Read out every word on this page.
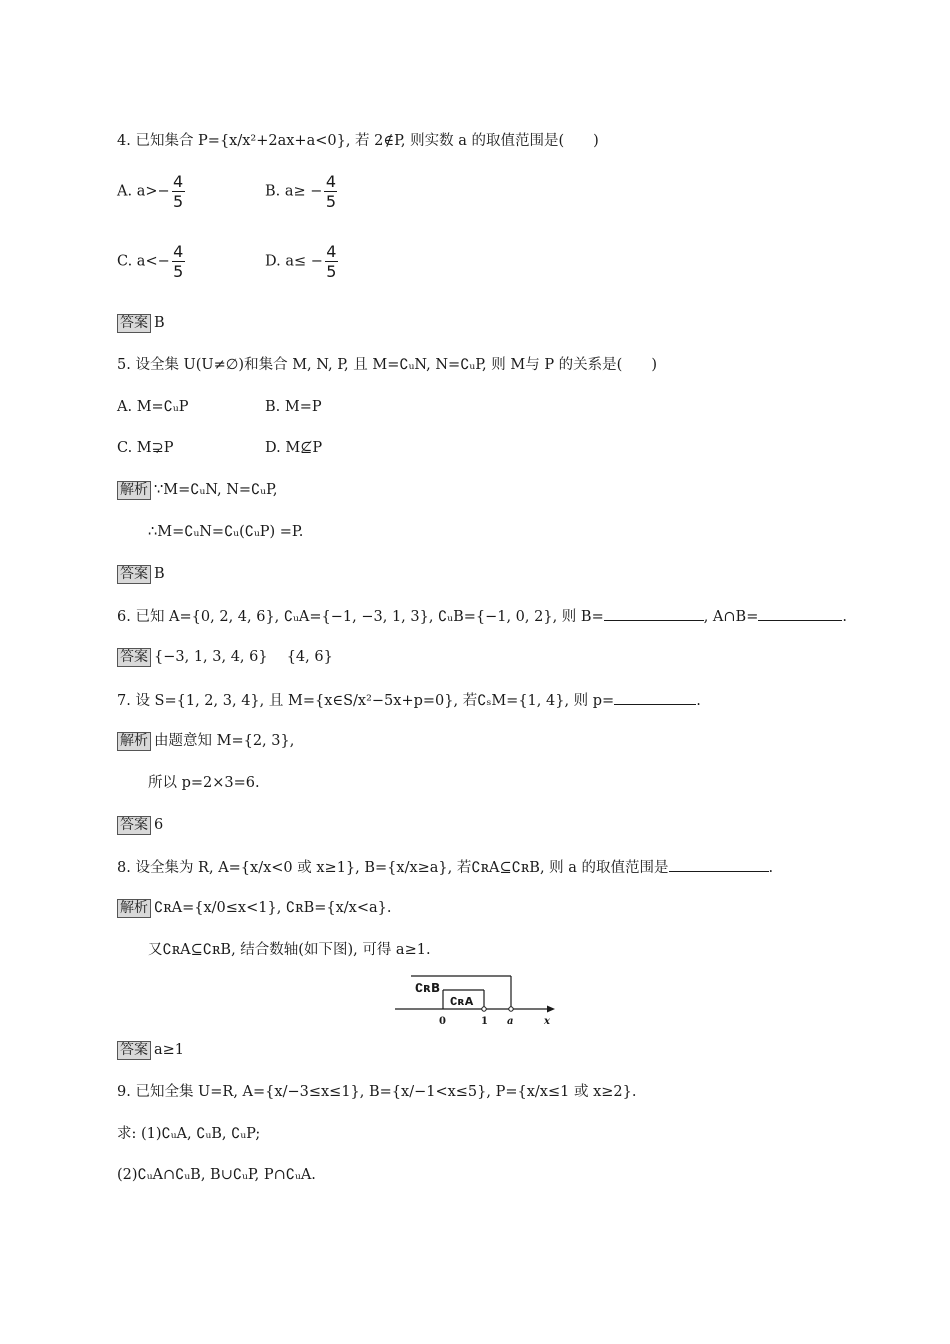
4. 已知集合 P={x/x²+2ax+a<0}, 若 2∉P, 则实数 a 的取值范围是(　　)
A. $a>- \frac{4}{5}$	B. $a\ge - \frac{4}{5}$
C. $a<- \frac{4}{5}$	D. $a\le - \frac{4}{5}$
答案 B
5. 设全集 U(U≠∅)和集合 M, N, P, 且 M=∁ᵤN, N=∁ᵤP, 则 M与 P 的关系是(　　)
A. M=∁ᵤP	B. M=P
C. M⊋P	D. M⊈P
解析 ∵M=∁ᵤN, N=∁ᵤP,
∴M=∁ᵤN=∁ᵤ(∁ᵤP) =P.
答案 B
6. 已知 A={0, 2, 4, 6}, ∁ᵤA={−1, −3, 1, 3}, ∁ᵤB={−1, 0, 2}, 则 B=	, A∩B=	.
答案 {−3, 1, 3, 4, 6}　 {4, 6}
7. 设 S={1, 2, 3, 4}, 且 M={x∈S/x²−5x+p=0}, 若∁ₛM={1, 4}, 则 p=	.
解析 由题意知 M={2, 3},
所以 p=2×3=6.
答案 6
8. 设全集为 R, A={x/x<0 或 x≥1}, B={x/x≥a}, 若∁ʀA⊆∁ʀB, 则 a 的取值范围是	.
解析 ∁ʀA={x/0≤x<1}, ∁ʀB={x/x<a}.
又∁ʀA⊆∁ʀB, 结合数轴(如下图), 可得 a≥1.
∁ʀB
∁ʀA
0	1 a	x
答案 a≥1
9. 已知全集 U=R, A={x/−3≤x≤1}, B={x/−1<x≤5}, P={x/x≤1 或 x≥2}.
求: (1)∁ᵤA, ∁ᵤB, ∁ᵤP;
(2)∁ᵤA∩∁ᵤB, B∪∁ᵤP, P∩∁ᵤA.
